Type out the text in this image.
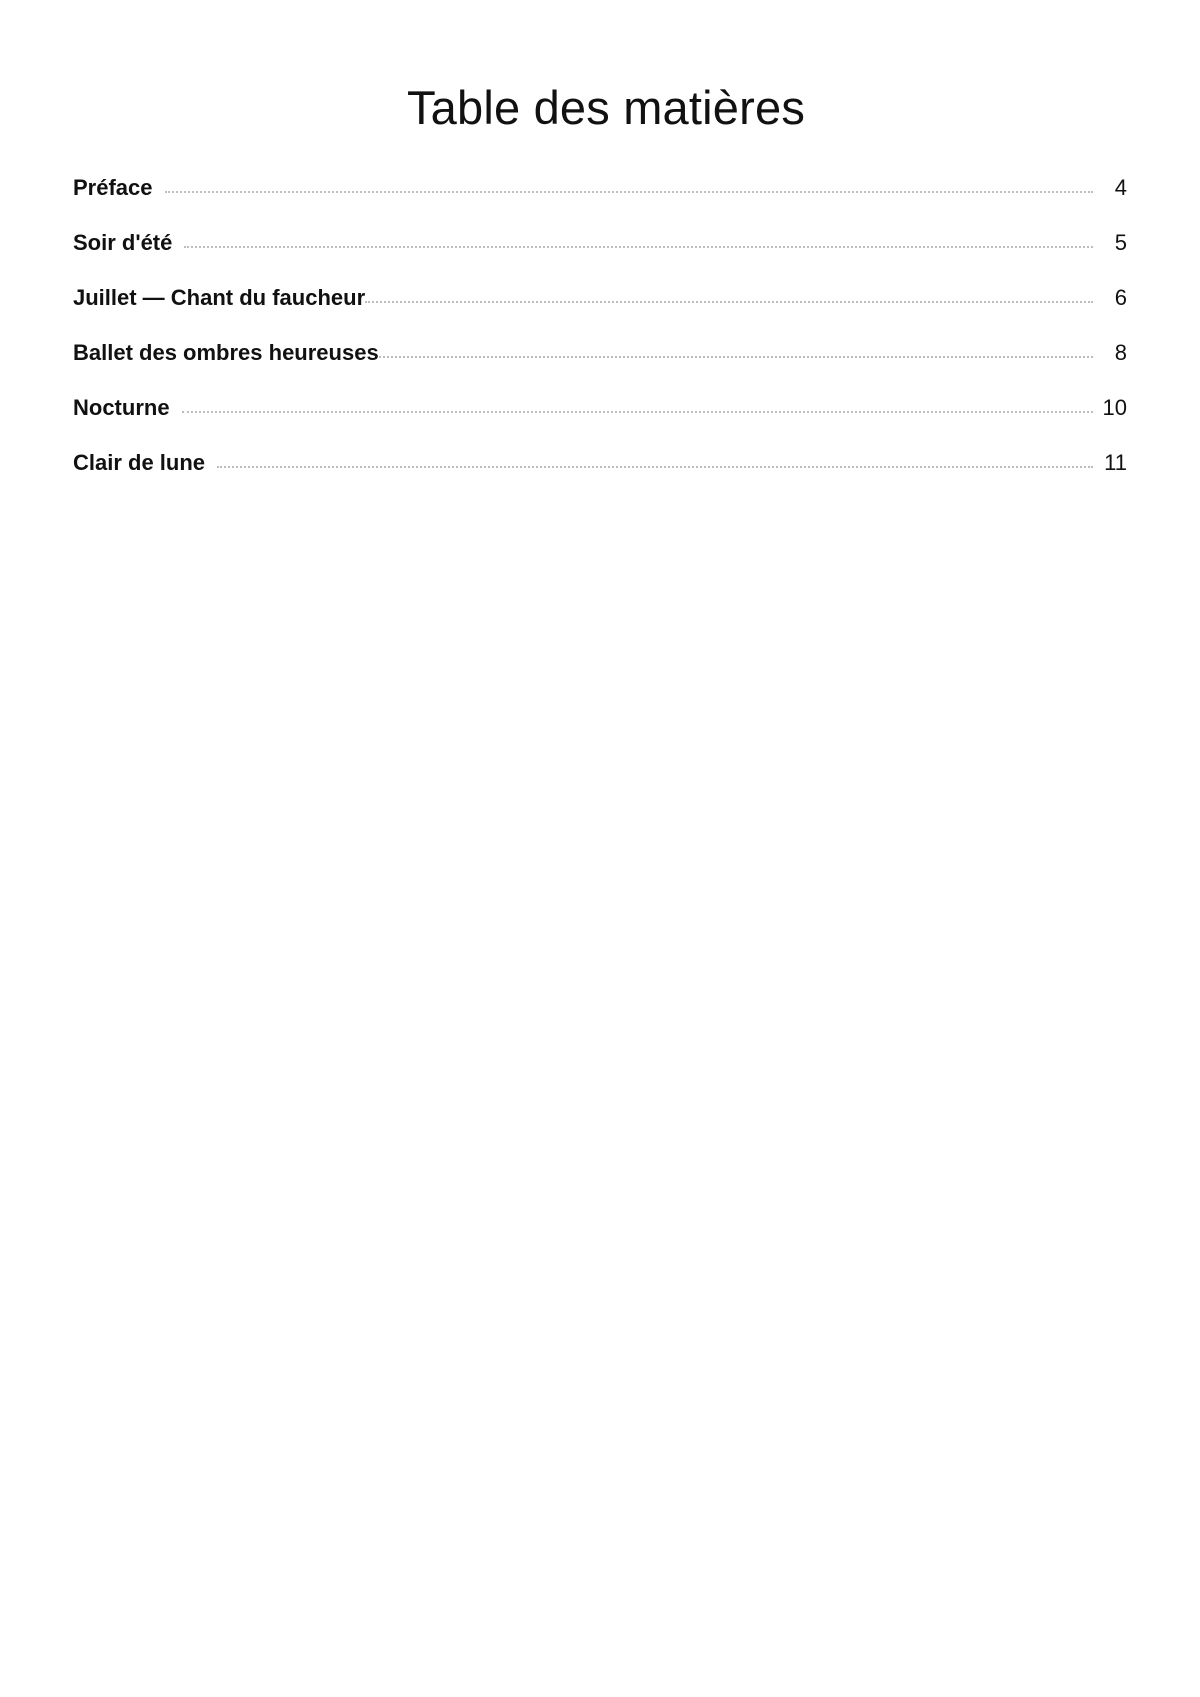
Table des matières
Préface	4
Soir d'été	5
Juillet — Chant du faucheur	6
Ballet des ombres heureuses	8
Nocturne	10
Clair de lune	11
